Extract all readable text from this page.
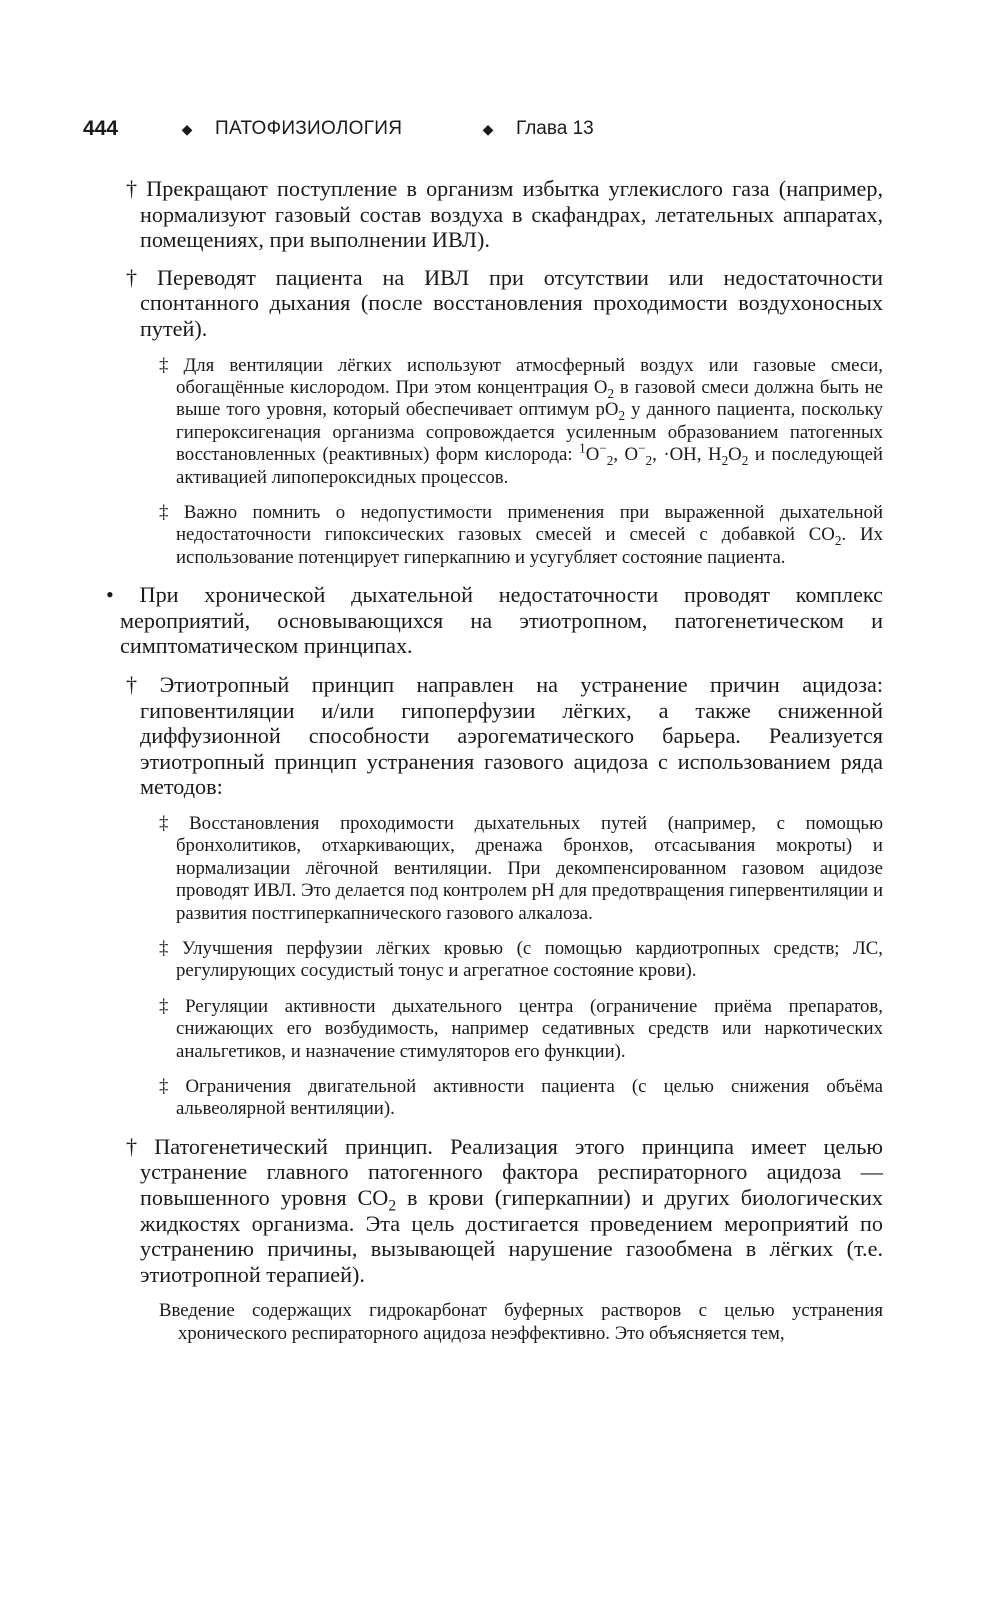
444	◆	ПАТОФИЗИОЛОГИЯ	◆	Глава 13

† Прекращают поступление в организм избытка углекислого газа (например, нормализуют газовый состав воздуха в скафандрах, летательных аппаратах, помещениях, при выполнении ИВЛ).

† Переводят пациента на ИВЛ при отсутствии или недостаточности спонтанного дыхания (после восстановления проходимости воздухоносных путей).

‡ Для вентиляции лёгких используют атмосферный воздух или газовые смеси, обогащённые кислородом. При этом концентрация $O_2$ в газовой смеси должна быть не выше того уровня, который обеспечивает оптимум $pO_2$ у данного пациента, поскольку гипероксигенация организма сопровождается усиленным образованием патогенных восстановленных (реактивных) форм кислорода: $^1O^-_2$, $O^-_2$, ·OH, $H_2O_2$ и последующей активацией липопероксидных процессов.

‡ Важно помнить о недопустимости применения при выраженной дыхательной недостаточности гипоксических газовых смесей и смесей с добавкой $CO_2$. Их использование потенцирует гиперкапнию и усугубляет состояние пациента.

• При хронической дыхательной недостаточности проводят комплекс мероприятий, основывающихся на этиотропном, патогенетическом и симптоматическом принципах.

† Этиотропный принцип направлен на устранение причин ацидоза: гиповентиляции и/или гипоперфузии лёгких, а также сниженной диффузионной способности аэрогематического барьера. Реализуется этиотропный принцип устранения газового ацидоза с использованием ряда методов:

‡ Восстановления проходимости дыхательных путей (например, с помощью бронхолитиков, отхаркивающих, дренажа бронхов, отсасывания мокроты) и нормализации лёгочной вентиляции. При декомпенсированном газовом ацидозе проводят ИВЛ. Это делается под контролем pH для предотвращения гипервентиляции и развития постгиперкапнического газового алкалоза.

‡ Улучшения перфузии лёгких кровью (с помощью кардиотропных средств; ЛС, регулирующих сосудистый тонус и агрегатное состояние крови).

‡ Регуляции активности дыхательного центра (ограничение приёма препаратов, снижающих его возбудимость, например седативных средств или наркотических анальгетиков, и назначение стимуляторов его функции).

‡ Ограничения двигательной активности пациента (с целью снижения объёма альвеолярной вентиляции).

† Патогенетический принцип. Реализация этого принципа имеет целью устранение главного патогенного фактора респираторного ацидоза — повышенного уровня $CO_2$ в крови (гиперкапнии) и других биологических жидкостях организма. Эта цель достигается проведением мероприятий по устранению причины, вызывающей нарушение газообмена в лёгких (т.е. этиотропной терапией).

Введение содержащих гидрокарбонат буферных растворов с целью устранения хронического респираторного ацидоза неэффективно. Это объясняется тем,
